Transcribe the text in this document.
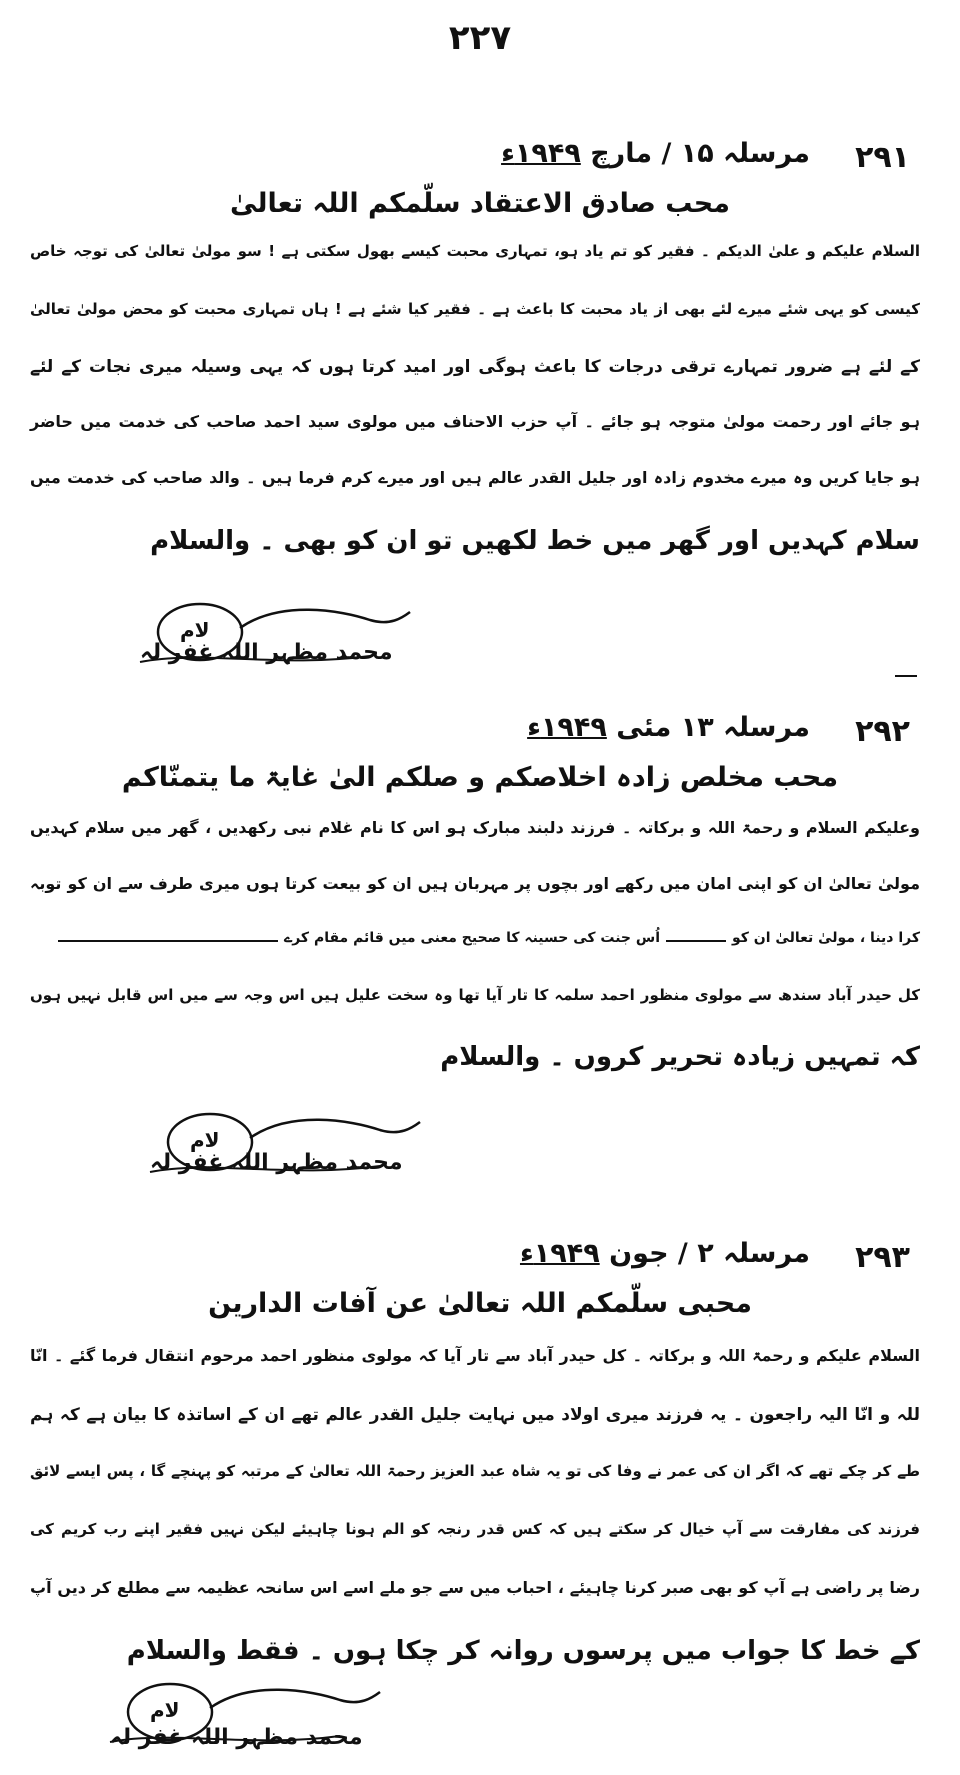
۲۲۷
۲۹۱
مرسلہ ۱۵ / مارچ ۱۹۴۹ء
محب صادق الاعتقاد سلّمکم اللہ تعالیٰ
السلام علیکم و علیٰ الدیکم ۔ فقیر کو تم یاد ہو، تمہاری محبت کیسے بھول سکتی ہے ! سو مولیٰ تعالیٰ کی توجہ خاص
کیسی کو یہی شئے میرے لئے بھی از یاد محبت کا باعث ہے ۔ فقیر کیا شئے ہے ! ہاں تمہاری محبت کو محض مولیٰ تعالیٰ
کے لئے ہے ضرور تمہارے ترقی درجات کا باعث ہوگی اور امید کرتا ہوں کہ یہی وسیلہ میری نجات کے لئے
ہو جائے اور رحمت مولیٰ متوجہ ہو جائے ۔ آپ حزب الاحناف میں مولوی سید احمد صاحب کی خدمت میں حاضر
ہو جایا کریں وہ میرے مخدوم زادہ اور جلیل القدر عالم ہیں اور میرے کرم فرما ہیں ۔ والد صاحب کی خدمت میں
سلام کہدیں اور گھر میں خط لکھیں تو ان کو بھی ۔ والسلام
لام
محمد مظہر اللہ غفر لہ
۲۹۲
مرسلہ ۱۳ مئی ۱۹۴۹ء
محب مخلص زادہ اخلاصکم و صلکم الیٰ غایۃ ما یتمنّاکم
وعلیکم السلام و رحمۃ اللہ و برکاتہ ۔ فرزند دلبند مبارک ہو اس کا نام غلام نبی رکھدیں ، گھر میں سلام کہدیں
مولیٰ تعالیٰ ان کو اپنی امان میں رکھے اور بچوں پر مہربان ہیں ان کو بیعت کرتا ہوں میری طرف سے ان کو توبہ
کرا دینا ، مولیٰ تعالیٰ ان کواُس جنت کی حسینہ کا صحیح معنی میں قائم مقام کرے
کل حیدر آباد سندھ سے مولوی منظور احمد سلمہ کا تار آیا تھا وہ سخت علیل ہیں اس وجہ سے میں اس قابل نہیں ہوں
کہ تمہیں زیادہ تحریر کروں ۔ والسلام
لام
محمد مظہر اللہ غفر لہ
۲۹۳
مرسلہ ۲ / جون ۱۹۴۹ء
محبی سلّمکم اللہ تعالیٰ عن آفات الدارین
السلام علیکم و رحمۃ اللہ و برکاتہ ۔ کل حیدر آباد سے تار آیا کہ مولوی منظور احمد مرحوم انتقال فرما گئے ۔ انّا
للہ و انّا الیہ راجعون ۔ یہ فرزند میری اولاد میں نہایت جلیل القدر عالم تھے ان کے اساتذہ کا بیان ہے کہ ہم
طے کر چکے تھے کہ اگر ان کی عمر نے وفا کی تو یہ شاہ عبد العزیز رحمۃ اللہ تعالیٰ کے مرتبہ کو پہنچے گا ، پس ایسے لائق
فرزند کی مفارقت سے آپ خیال کر سکتے ہیں کہ کس قدر رنجہ کو الم ہونا چاہیئے لیکن نہیں فقیر اپنے رب کریم کی
رضا پر راضی ہے آپ کو بھی صبر کرنا چاہیئے ، احباب میں سے جو ملے اسے اس سانحہ عظیمہ سے مطلع کر دیں آپ
کے خط کا جواب میں پرسوں روانہ کر چکا ہوں ۔ فقط والسلام
لام
محمد مظہر اللہ غفر لہ
